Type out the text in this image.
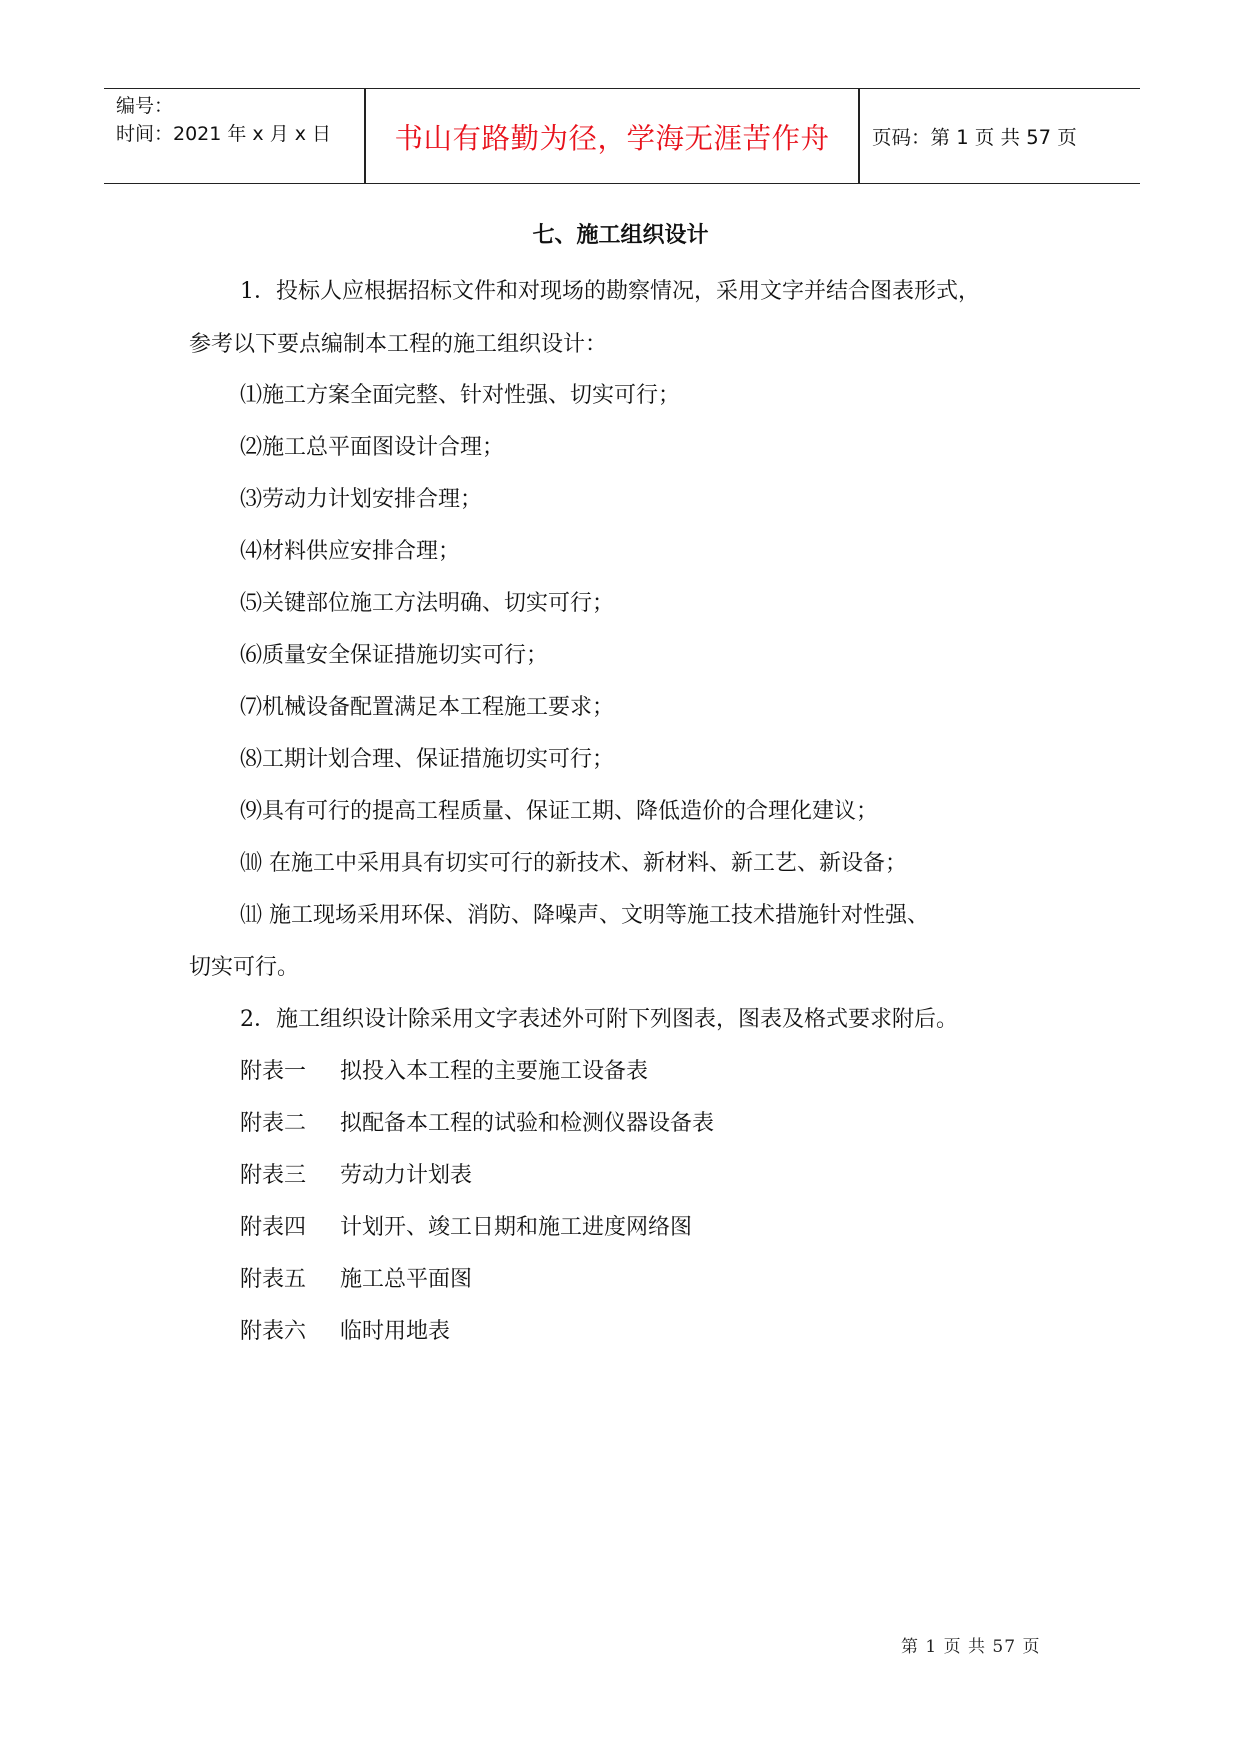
编号：
时间：2021 年 x 月 x 日	书山有路勤为径，学海无涯苦作舟	页码：第 1 页 共 57 页
七、施工组织设计
1．投标人应根据招标文件和对现场的勘察情况，采用文字并结合图表形式，
参考以下要点编制本工程的施工组织设计：
⑴施工方案全面完整、针对性强、切实可行；
⑵施工总平面图设计合理；
⑶劳动力计划安排合理；
⑷材料供应安排合理；
⑸关键部位施工方法明确、切实可行；
⑹质量安全保证措施切实可行；
⑺机械设备配置满足本工程施工要求；
⑻工期计划合理、保证措施切实可行；
⑼具有可行的提高工程质量、保证工期、降低造价的合理化建议；
⑽ 在施工中采用具有切实可行的新技术、新材料、新工艺、新设备；
⑾ 施工现场采用环保、消防、降噪声、文明等施工技术措施针对性强、
切实可行。
2．施工组织设计除采用文字表述外可附下列图表，图表及格式要求附后。
附表一 拟投入本工程的主要施工设备表
附表二 拟配备本工程的试验和检测仪器设备表
附表三 劳动力计划表
附表四 计划开、竣工日期和施工进度网络图
附表五 施工总平面图
附表六 临时用地表
第 1 页 共 57 页
